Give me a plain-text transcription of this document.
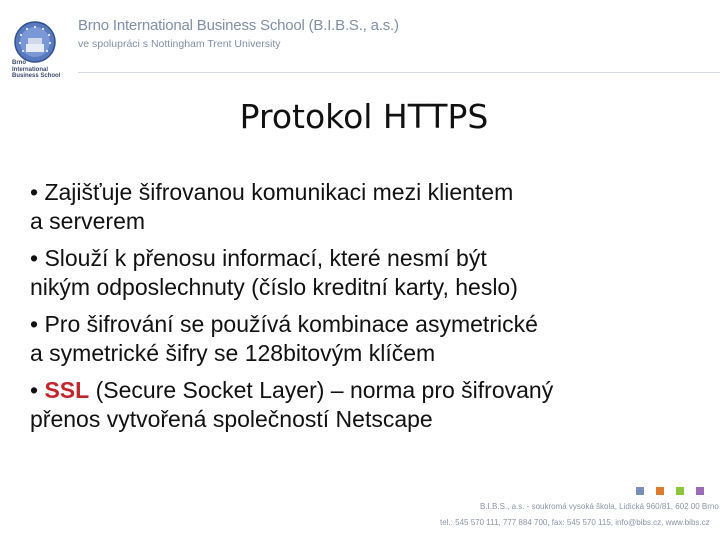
Brno
International
Business School
Brno International Business School (B.I.B.S., a.s.)
ve spolupráci s Nottingham Trent University
Protokol HTTPS
• Zajišťuje šifrovanou komunikaci mezi klientem
a serverem
• Slouží k přenosu informací, které nesmí být
nikým odposlechnuty (číslo kreditní karty, heslo)
• Pro šifrování se používá kombinace asymetrické
a symetrické šifry se 128bitovým klíčem
• SSL (Secure Socket Layer) – norma pro šifrovaný
přenos vytvořená společností Netscape
B.I.B.S., a.s. - soukromá vysoká škola, Lidická 960/81, 602 00 Brno
tel.: 545 570 111, 777 884 700, fax: 545 570 115, info@bibs.cz, www.bibs.cz
